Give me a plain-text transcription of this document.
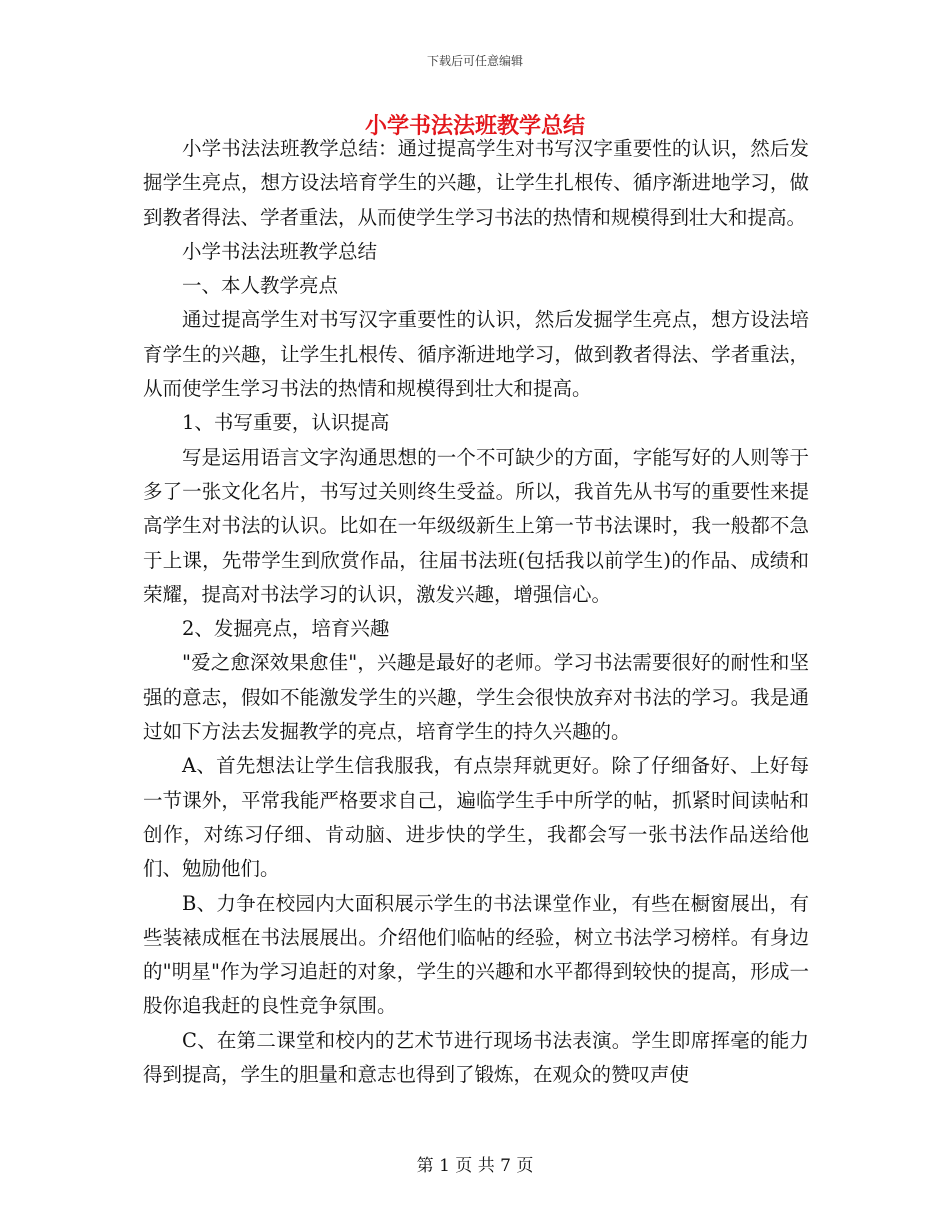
下载后可任意编辑
小学书法法班教学总结

小学书法法班教学总结：通过提高学生对书写汉字重要性的认识，然后发掘学生亮点，想方设法培育学生的兴趣，让学生扎根传、循序渐进地学习，做到教者得法、学者重法，从而使学生学习书法的热情和规模得到壮大和提高。

小学书法法班教学总结

一、本人教学亮点

通过提高学生对书写汉字重要性的认识，然后发掘学生亮点，想方设法培育学生的兴趣，让学生扎根传、循序渐进地学习，做到教者得法、学者重法，从而使学生学习书法的热情和规模得到壮大和提高。

1、书写重要，认识提高

写是运用语言文字沟通思想的一个不可缺少的方面，字能写好的人则等于多了一张文化名片，书写过关则终生受益。所以，我首先从书写的重要性来提高学生对书法的认识。比如在一年级级新生上第一节书法课时，我一般都不急于上课，先带学生到欣赏作品，往届书法班(包括我以前学生)的作品、成绩和荣耀，提高对书法学习的认识，激发兴趣，增强信心。

2、发掘亮点，培育兴趣

"爱之愈深效果愈佳"，兴趣是最好的老师。学习书法需要很好的耐性和坚强的意志，假如不能激发学生的兴趣，学生会很快放弃对书法的学习。我是通过如下方法去发掘教学的亮点，培育学生的持久兴趣的。

A、首先想法让学生信我服我，有点崇拜就更好。除了仔细备好、上好每一节课外，平常我能严格要求自己，遍临学生手中所学的帖，抓紧时间读帖和创作，对练习仔细、肯动脑、进步快的学生，我都会写一张书法作品送给他们、勉励他们。

B、力争在校园内大面积展示学生的书法课堂作业，有些在橱窗展出，有些装裱成框在书法展展出。介绍他们临帖的经验，树立书法学习榜样。有身边的"明星"作为学习追赶的对象，学生的兴趣和水平都得到较快的提高，形成一股你追我赶的良性竞争氛围。

C、在第二课堂和校内的艺术节进行现场书法表演。学生即席挥毫的能力得到提高，学生的胆量和意志也得到了锻炼，在观众的赞叹声使

第 1 页 共 7 页
